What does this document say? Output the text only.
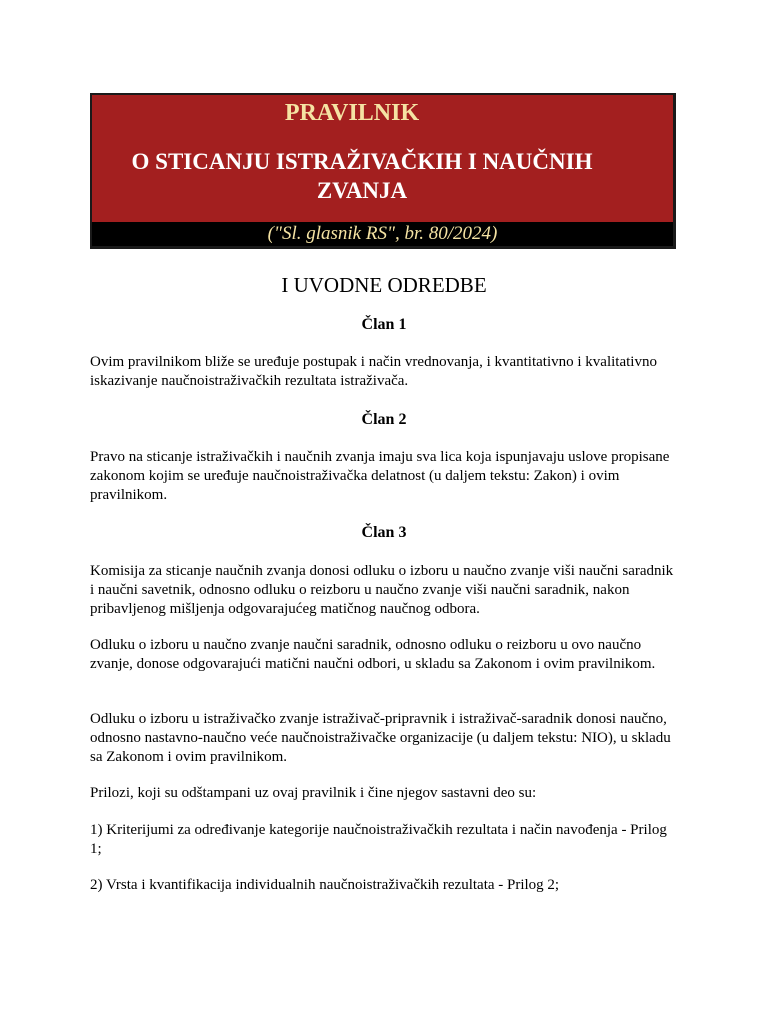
PRAVILNIK
O STICANJU ISTRAŽIVAČKIH I NAUČNIH
ZVANJA
("Sl. glasnik RS", br. 80/2024)
I UVODNE ODREDBE
Član 1

Ovim pravilnikom bliže se uređuje postupak i način vrednovanja, i kvantitativno i kvalitativno iskazivanje naučnoistraživačkih rezultata istraživača.

Član 2

Pravo na sticanje istraživačkih i naučnih zvanja imaju sva lica koja ispunjavaju uslove propisane zakonom kojim se uređuje naučnoistraživačka delatnost (u daljem tekstu: Zakon) i ovim pravilnikom.

Član 3

Komisija za sticanje naučnih zvanja donosi odluku o izboru u naučno zvanje viši naučni saradnik i naučni savetnik, odnosno odluku o reizboru u naučno zvanje viši naučni saradnik, nakon pribavljenog mišljenja odgovarajućeg matičnog naučnog odbora.

Odluku o izboru u naučno zvanje naučni saradnik, odnosno odluku o reizboru u ovo naučno zvanje, donose odgovarajući matični naučni odbori, u skladu sa Zakonom i ovim pravilnikom.

Odluku o izboru u istraživačko zvanje istraživač-pripravnik i istraživač-saradnik donosi naučno, odnosno nastavno-naučno veće naučnoistraživačke organizacije (u daljem tekstu: NIO), u skladu sa Zakonom i ovim pravilnikom.

Prilozi, koji su odštampani uz ovaj pravilnik i čine njegov sastavni deo su:

1) Kriterijumi za određivanje kategorije naučnoistraživačkih rezultata i način navođenja - Prilog 1;

2) Vrsta i kvantifikacija individualnih naučnoistraživačkih rezultata - Prilog 2;
